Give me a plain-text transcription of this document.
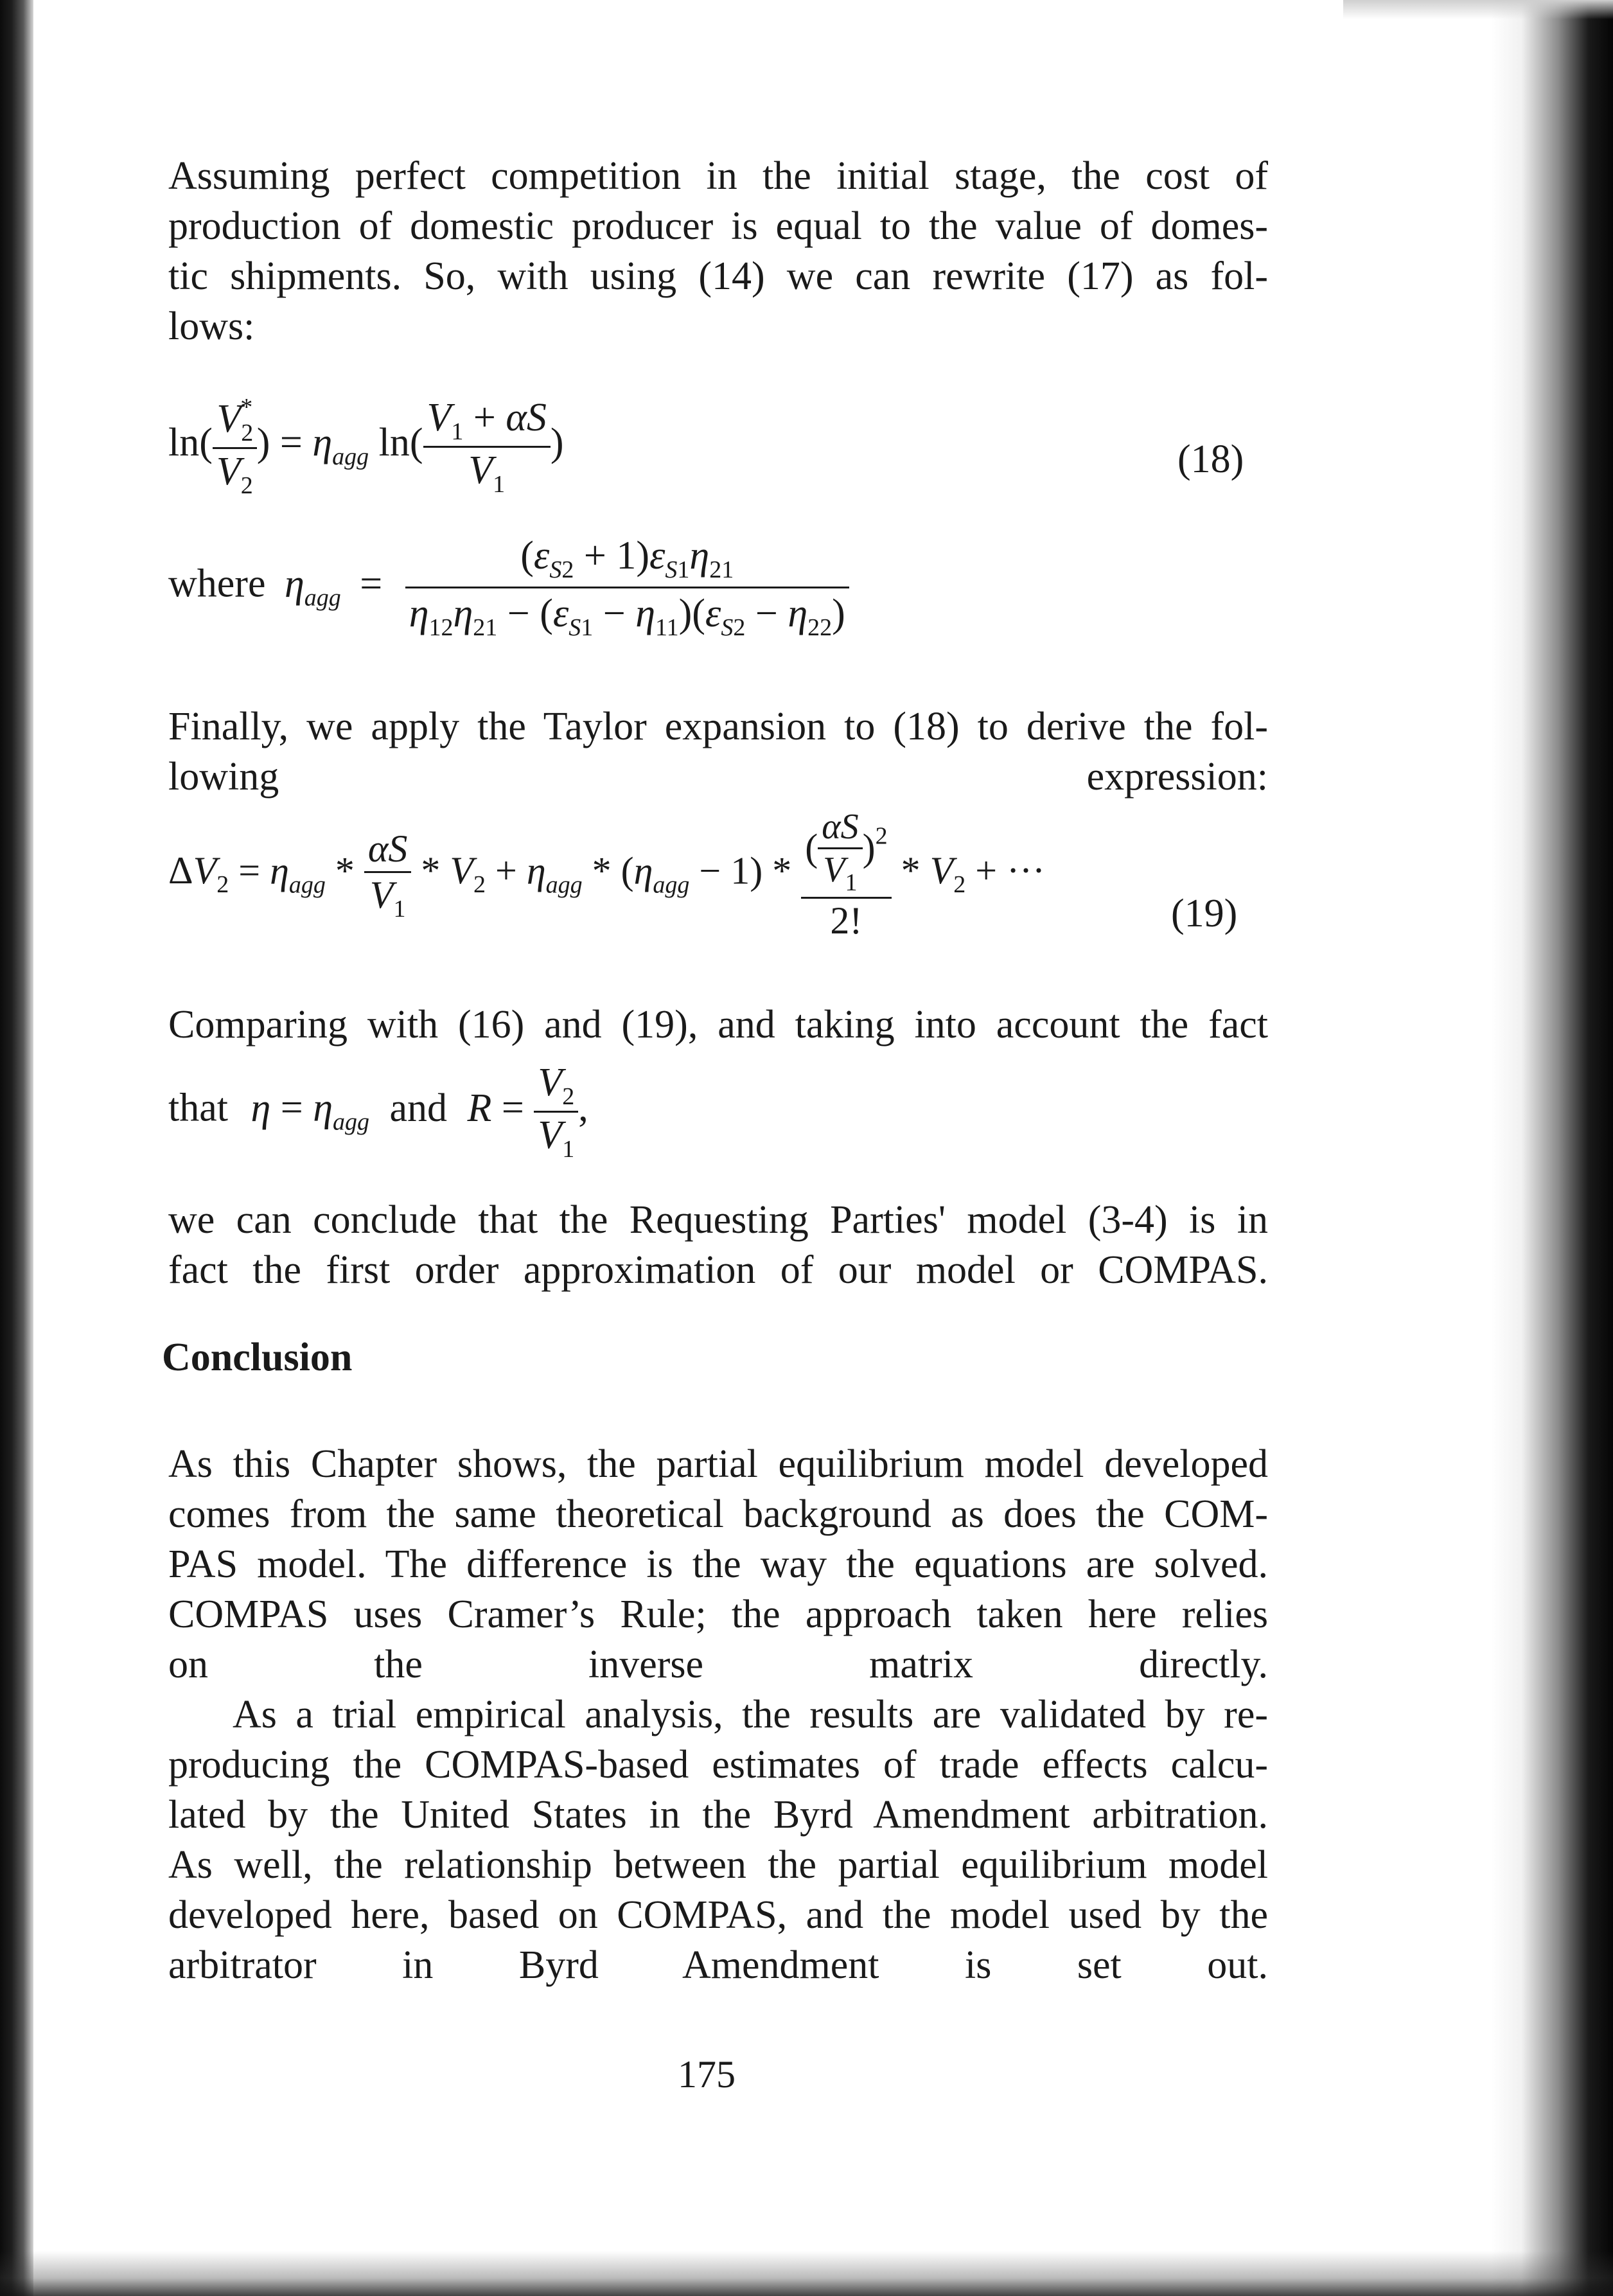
Assuming perfect competition in the initial stage, the cost of
production of domestic producer is equal to the value of domes-
tic shipments. So, with using (14) we can rewrite (17) as fol-
lows:
$\ln( \frac{V_2^*}{V_2}$ ) = $\eta_{agg}$ $\ln( \frac{V_1 + \alpha S}{V_1}$ )	(18)
where $\eta_{agg} = \frac{(\varepsilon_{S2} + 1)\varepsilon_{S1}\eta_{21}}{\eta_{12}\eta_{21} - (\varepsilon_{S1} - \eta_{11})(\varepsilon_{S2} - \eta_{22})}$
Finally, we apply the Taylor expansion to (18) to derive the fol-
lowing expression:
$\Delta V_2 = \eta_{agg} * \frac{\alpha S}{V_1} * V_2 + \eta_{agg} * (\eta_{agg} - 1) * \frac{( \frac{\alpha S}{V_1} )^2}{2!} * V_2$ + ···
(19)
Comparing with (16) and (19), and taking into account the fact
that $\eta = \eta_{agg}$ and $R = \frac{V_2}{V_1}$ ,
we can conclude that the Requesting Parties' model (3-4) is in
fact the first order approximation of our model or COMPAS.
Conclusion
As this Chapter shows, the partial equilibrium model developed
comes from the same theoretical background as does the COM-
PAS model. The difference is the way the equations are solved.
COMPAS uses Cramer’s Rule; the approach taken here relies
on the inverse matrix directly.
As a trial empirical analysis, the results are validated by re-
producing the COMPAS-based estimates of trade effects calcu-
lated by the United States in the Byrd Amendment arbitration.
As well, the relationship between the partial equilibrium model
developed here, based on COMPAS, and the model used by the
arbitrator in Byrd Amendment is set out.
175
